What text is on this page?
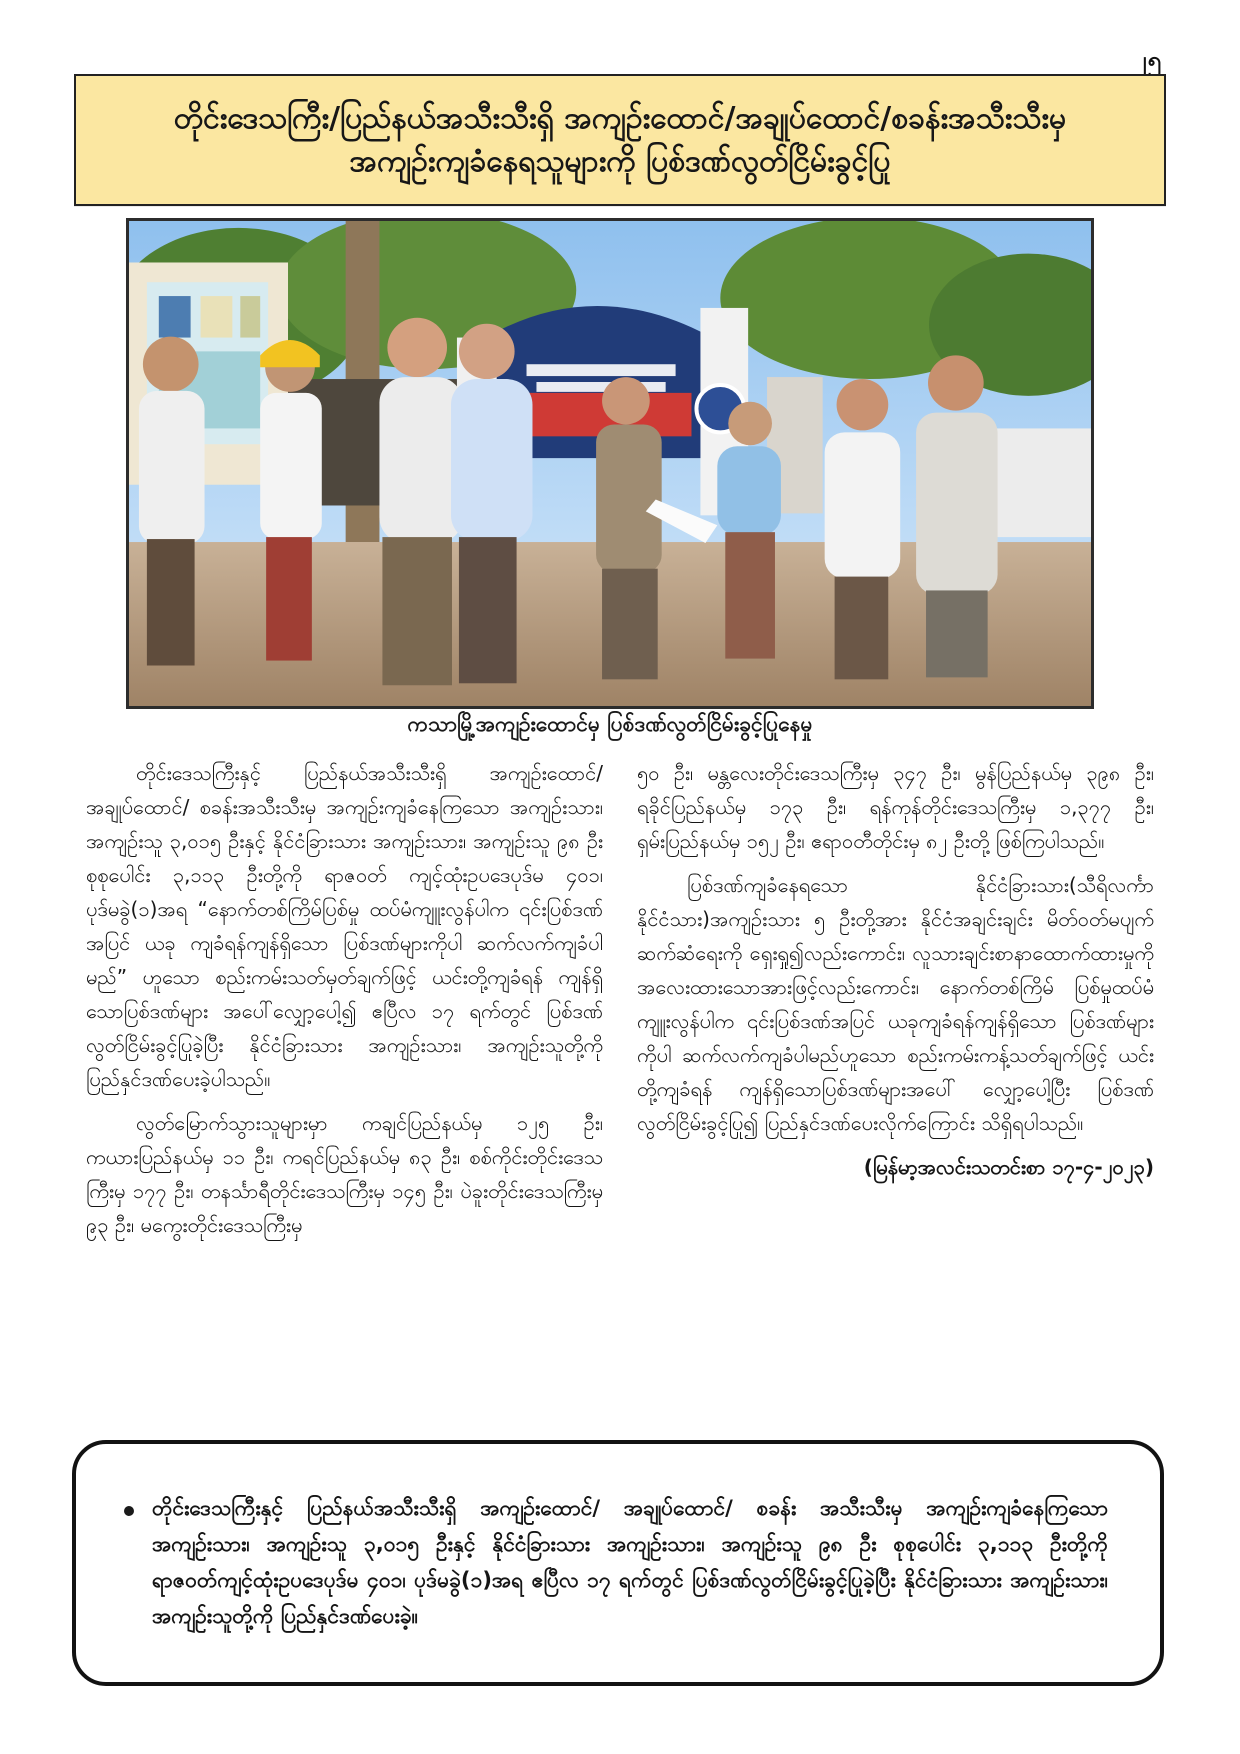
၂၅
တိုင်းဒေသကြီး/ပြည်နယ်အသီးသီးရှိ အကျဉ်းထောင်/အချုပ်ထောင်/စခန်းအသီးသီးမှ
အကျဉ်းကျခံနေရသူများကို ပြစ်ဒဏ်လွတ်ငြိမ်းခွင့်ပြု
ကသာမြို့အကျဉ်းထောင်မှ ပြစ်ဒဏ်လွတ်ငြိမ်းခွင့်ပြုနေမှု

တိုင်းဒေသကြီးနှင့် ပြည်နယ်အသီးသီးရှိ အကျဉ်းထောင်/ အချုပ်ထောင်/ စခန်းအသီးသီးမှ အကျဉ်းကျခံနေကြသော အကျဉ်းသား၊ အကျဉ်းသူ ၃,၀၁၅ ဦးနှင့် နိုင်ငံခြားသား အကျဉ်းသား၊ အကျဉ်းသူ ၉၈ ဦး စုစုပေါင်း ၃,၁၁၃ ဦးတို့ကို ရာဇဝတ် ကျင့်ထုံးဥပဒေပုဒ်မ ၄၀၁၊ ပုဒ်မခွဲ(၁)အရ “နောက်တစ်ကြိမ်ပြစ်မှု ထပ်မံကျူးလွန်ပါက ၎င်းပြစ်ဒဏ်အပြင် ယခု ကျခံရန်ကျန်ရှိသော ပြစ်ဒဏ်များကိုပါ ဆက်လက်ကျခံပါမည်” ဟူသော စည်းကမ်းသတ်မှတ်ချက်ဖြင့် ယင်းတို့ကျခံရန် ကျန်ရှိသောပြစ်ဒဏ်များ အပေါ်လျှော့ပေါ့၍ ဧပြီလ ၁၇ ရက်တွင် ပြစ်ဒဏ်လွတ်ငြိမ်းခွင့်ပြုခဲ့ပြီး နိုင်ငံခြားသား အကျဉ်းသား၊ အကျဉ်းသူတို့ကို ပြည်နှင်ဒဏ်ပေးခဲ့ပါသည်။

လွတ်မြောက်သွားသူများမှာ ကချင်ပြည်နယ်မှ ၁၂၅ ဦး၊ ကယားပြည်နယ်မှ ၁၁ ဦး၊ ကရင်ပြည်နယ်မှ ၈၃ ဦး၊ စစ်ကိုင်းတိုင်းဒေသကြီးမှ ၁၇၇ ဦး၊ တနင်္သာရီတိုင်းဒေသကြီးမှ ၁၄၅ ဦး၊ ပဲခူးတိုင်းဒေသကြီးမှ ၉၃ ဦး၊ မကွေးတိုင်းဒေသကြီးမှ

၅၀ ဦး၊ မန္တလေးတိုင်းဒေသကြီးမှ ၃၄၇ ဦး၊ မွန်ပြည်နယ်မှ ၃၉၈ ဦး၊ ရခိုင်ပြည်နယ်မှ ၁၇၃ ဦး၊ ရန်ကုန်တိုင်းဒေသကြီးမှ ၁,၃၇၇ ဦး၊ ရှမ်းပြည်နယ်မှ ၁၅၂ ဦး၊ ဧရာဝတီတိုင်းမှ ၈၂ ဦးတို့ ဖြစ်ကြပါသည်။

ပြစ်ဒဏ်ကျခံနေရသော နိုင်ငံခြားသား(သီရိလင်္ကာ နိုင်ငံသား)အကျဉ်းသား ၅ ဦးတို့အား နိုင်ငံအချင်းချင်း မိတ်ဝတ်မပျက်ဆက်ဆံရေးကို ရှေးရှု၍လည်းကောင်း၊ လူသားချင်းစာနာထောက်ထားမှုကို အလေးထားသောအားဖြင့်လည်းကောင်း၊ နောက်တစ်ကြိမ် ပြစ်မှုထပ်မံကျူးလွန်ပါက ၎င်းပြစ်ဒဏ်အပြင် ယခုကျခံရန်ကျန်ရှိသော ပြစ်ဒဏ်များကိုပါ ဆက်လက်ကျခံပါမည်ဟူသော စည်းကမ်းကန့်သတ်ချက်ဖြင့် ယင်းတို့ကျခံရန် ကျန်ရှိသောပြစ်ဒဏ်များအပေါ် လျှော့ပေါ့ပြီး ပြစ်ဒဏ်လွတ်ငြိမ်းခွင့်ပြု၍ ပြည်နှင်ဒဏ်ပေးလိုက်ကြောင်း သိရှိရပါသည်။

(မြန်မာ့အလင်းသတင်းစာ ၁၇-၄-၂၀၂၃)

တိုင်းဒေသကြီးနှင့် ပြည်နယ်အသီးသီးရှိ အကျဉ်းထောင်/ အချုပ်ထောင်/ စခန်း အသီးသီးမှ အကျဉ်းကျခံနေကြသော အကျဉ်းသား၊ အကျဉ်းသူ ၃,၀၁၅ ဦးနှင့် နိုင်ငံခြားသား အကျဉ်းသား၊ အကျဉ်းသူ ၉၈ ဦး စုစုပေါင်း ၃,၁၁၃ ဦးတို့ကို ရာဇဝတ်ကျင့်ထုံးဥပဒေပုဒ်မ ၄၀၁၊ ပုဒ်မခွဲ(၁)အရ ဧပြီလ ၁၇ ရက်တွင် ပြစ်ဒဏ်လွတ်ငြိမ်းခွင့်ပြုခဲ့ပြီး နိုင်ငံခြားသား အကျဉ်းသား၊ အကျဉ်းသူတို့ကို ပြည်နှင်ဒဏ်ပေးခဲ့။
